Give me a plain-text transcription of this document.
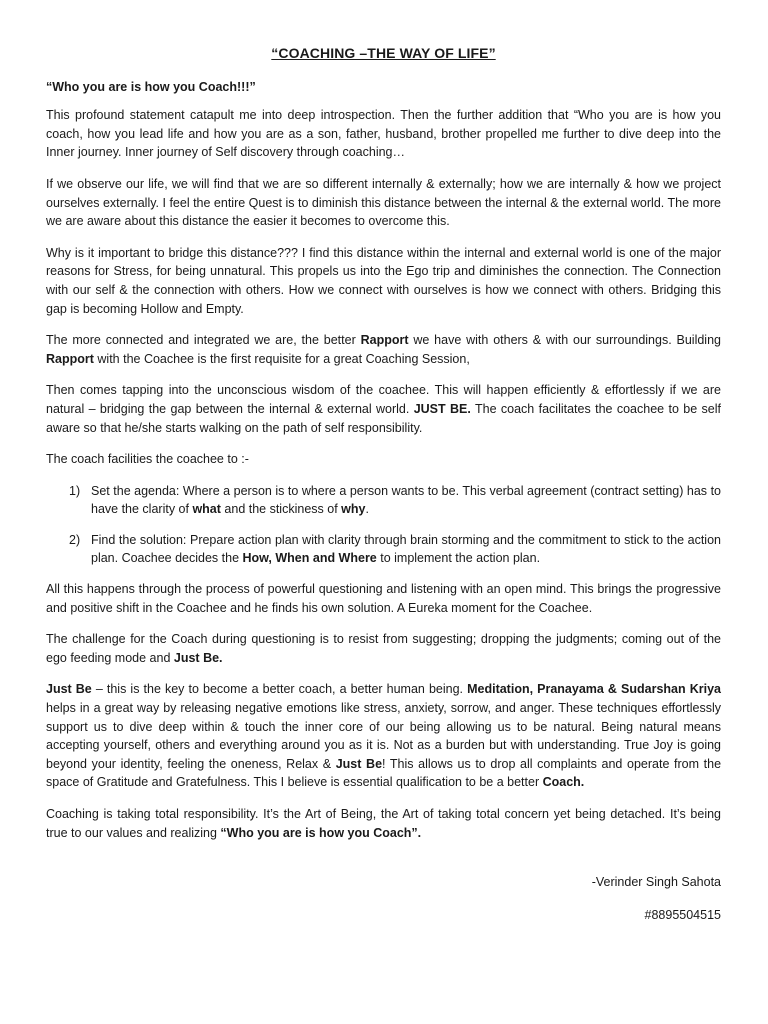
“COACHING –THE WAY OF LIFE”
“Who you are is how you Coach!!!”

This profound statement catapult me into deep introspection. Then the further addition that “Who you are is how you coach, how you lead life and how you are as a son, father, husband, brother propelled me further to dive deep into the Inner journey. Inner journey of Self discovery through coaching…

If we observe our life, we will find that we are so different internally & externally; how we are internally & how we project ourselves externally. I feel the entire Quest is to diminish this distance between the internal & the external world. The more we are aware about this distance the easier it becomes to overcome this.

Why is it important to bridge this distance??? I find this distance within the internal and external world is one of the major reasons for Stress, for being unnatural. This propels us into the Ego trip and diminishes the connection. The Connection with our self & the connection with others. How we connect with ourselves is how we connect with others. Bridging this gap is becoming Hollow and Empty.

The more connected and integrated we are, the better Rapport we have with others & with our surroundings. Building Rapport with the Coachee is the first requisite for a great Coaching Session,

Then comes tapping into the unconscious wisdom of the coachee. This will happen efficiently & effortlessly if we are natural – bridging the gap between the internal & external world. JUST BE. The coach facilitates the coachee to be self aware so that he/she starts walking on the path of self responsibility.

The coach facilities the coachee to :-

1) Set the agenda: Where a person is to where a person wants to be. This verbal agreement (contract setting) has to have the clarity of what and the stickiness of why.
2) Find the solution: Prepare action plan with clarity through brain storming and the commitment to stick to the action plan. Coachee decides the How, When and Where to implement the action plan.

All this happens through the process of powerful questioning and listening with an open mind. This brings the progressive and positive shift in the Coachee and he finds his own solution. A Eureka moment for the Coachee.

The challenge for the Coach during questioning is to resist from suggesting; dropping the judgments; coming out of the ego feeding mode and Just Be.

Just Be – this is the key to become a better coach, a better human being. Meditation, Pranayama & Sudarshan Kriya helps in a great way by releasing negative emotions like stress, anxiety, sorrow, and anger. These techniques effortlessly support us to dive deep within & touch the inner core of our being allowing us to be natural. Being natural means accepting yourself, others and everything around you as it is. Not as a burden but with understanding. True Joy is going beyond your identity, feeling the oneness, Relax & Just Be! This allows us to drop all complaints and operate from the space of Gratitude and Gratefulness. This I believe is essential qualification to be a better Coach.

Coaching is taking total responsibility. It’s the Art of Being, the Art of taking total concern yet being detached. It’s being true to our values and realizing “Who you are is how you Coach”.

-Verinder Singh Sahota
#8895504515
